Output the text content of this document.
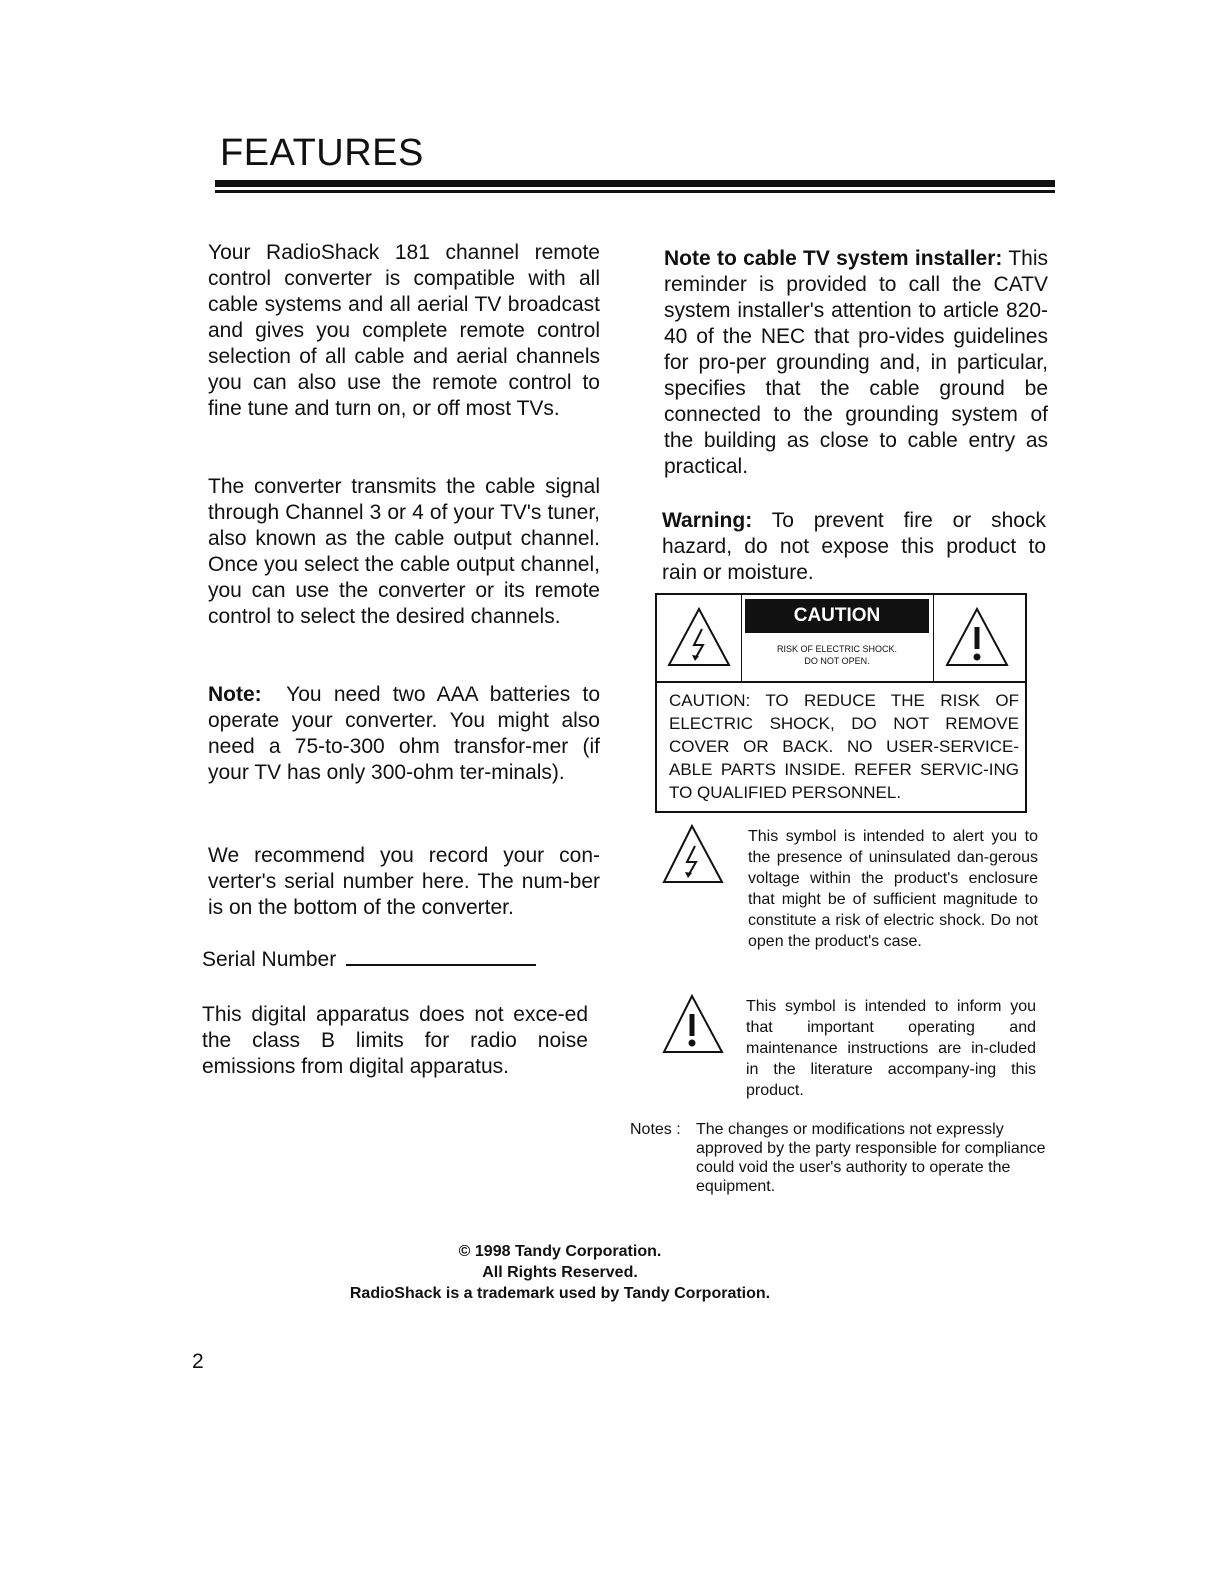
FEATURES

Your RadioShack 181 channel remote control converter is compatible with all cable systems and all aerial TV broadcast and gives you complete remote control selection of all cable and aerial channels you can also use the remote control to fine tune and turn on, or off most TVs.

The converter transmits the cable signal through Channel 3 or 4 of your TV's tuner, also known as the cable output channel. Once you select the cable output channel, you can use the converter or its remote control to select the desired channels.

Note: You need two AAA batteries to operate your converter. You might also need a 75-to-300 ohm transfor-mer (if your TV has only 300-ohm ter-minals).

We recommend you record your con-verter's serial number here. The num-ber is on the bottom of the converter.

Serial Number

This digital apparatus does not exce-ed the class B limits for radio noise emissions from digital apparatus.

Note to cable TV system installer: This reminder is provided to call the CATV system installer's attention to article 820-40 of the NEC that pro-vides guidelines for pro-per grounding and, in particular, specifies that the cable ground be connected to the grounding system of the building as close to cable entry as practical.

Warning: To prevent fire or shock hazard, do not expose this product to rain or moisture.

CAUTION
RISK OF ELECTRIC SHOCK.
DO NOT OPEN.
CAUTION: TO REDUCE THE RISK OF ELECTRIC SHOCK, DO NOT REMOVE COVER OR BACK. NO USER-SERVICE-ABLE PARTS INSIDE. REFER SERVIC-ING TO QUALIFIED PERSONNEL.
This symbol is intended to alert you to the presence of uninsulated dan-gerous voltage within the product's enclosure that might be of sufficient magnitude to constitute a risk of electric shock. Do not open the product's case.
This symbol is intended to inform you that important operating and maintenance instructions are in-cluded in the literature accompany-ing this product.
Notes : The changes or modifications not expressly approved by the party responsible for compliance could void the user's authority to operate the equipment.
© 1998 Tandy Corporation.
All Rights Reserved.
RadioShack is a trademark used by Tandy Corporation.
2
